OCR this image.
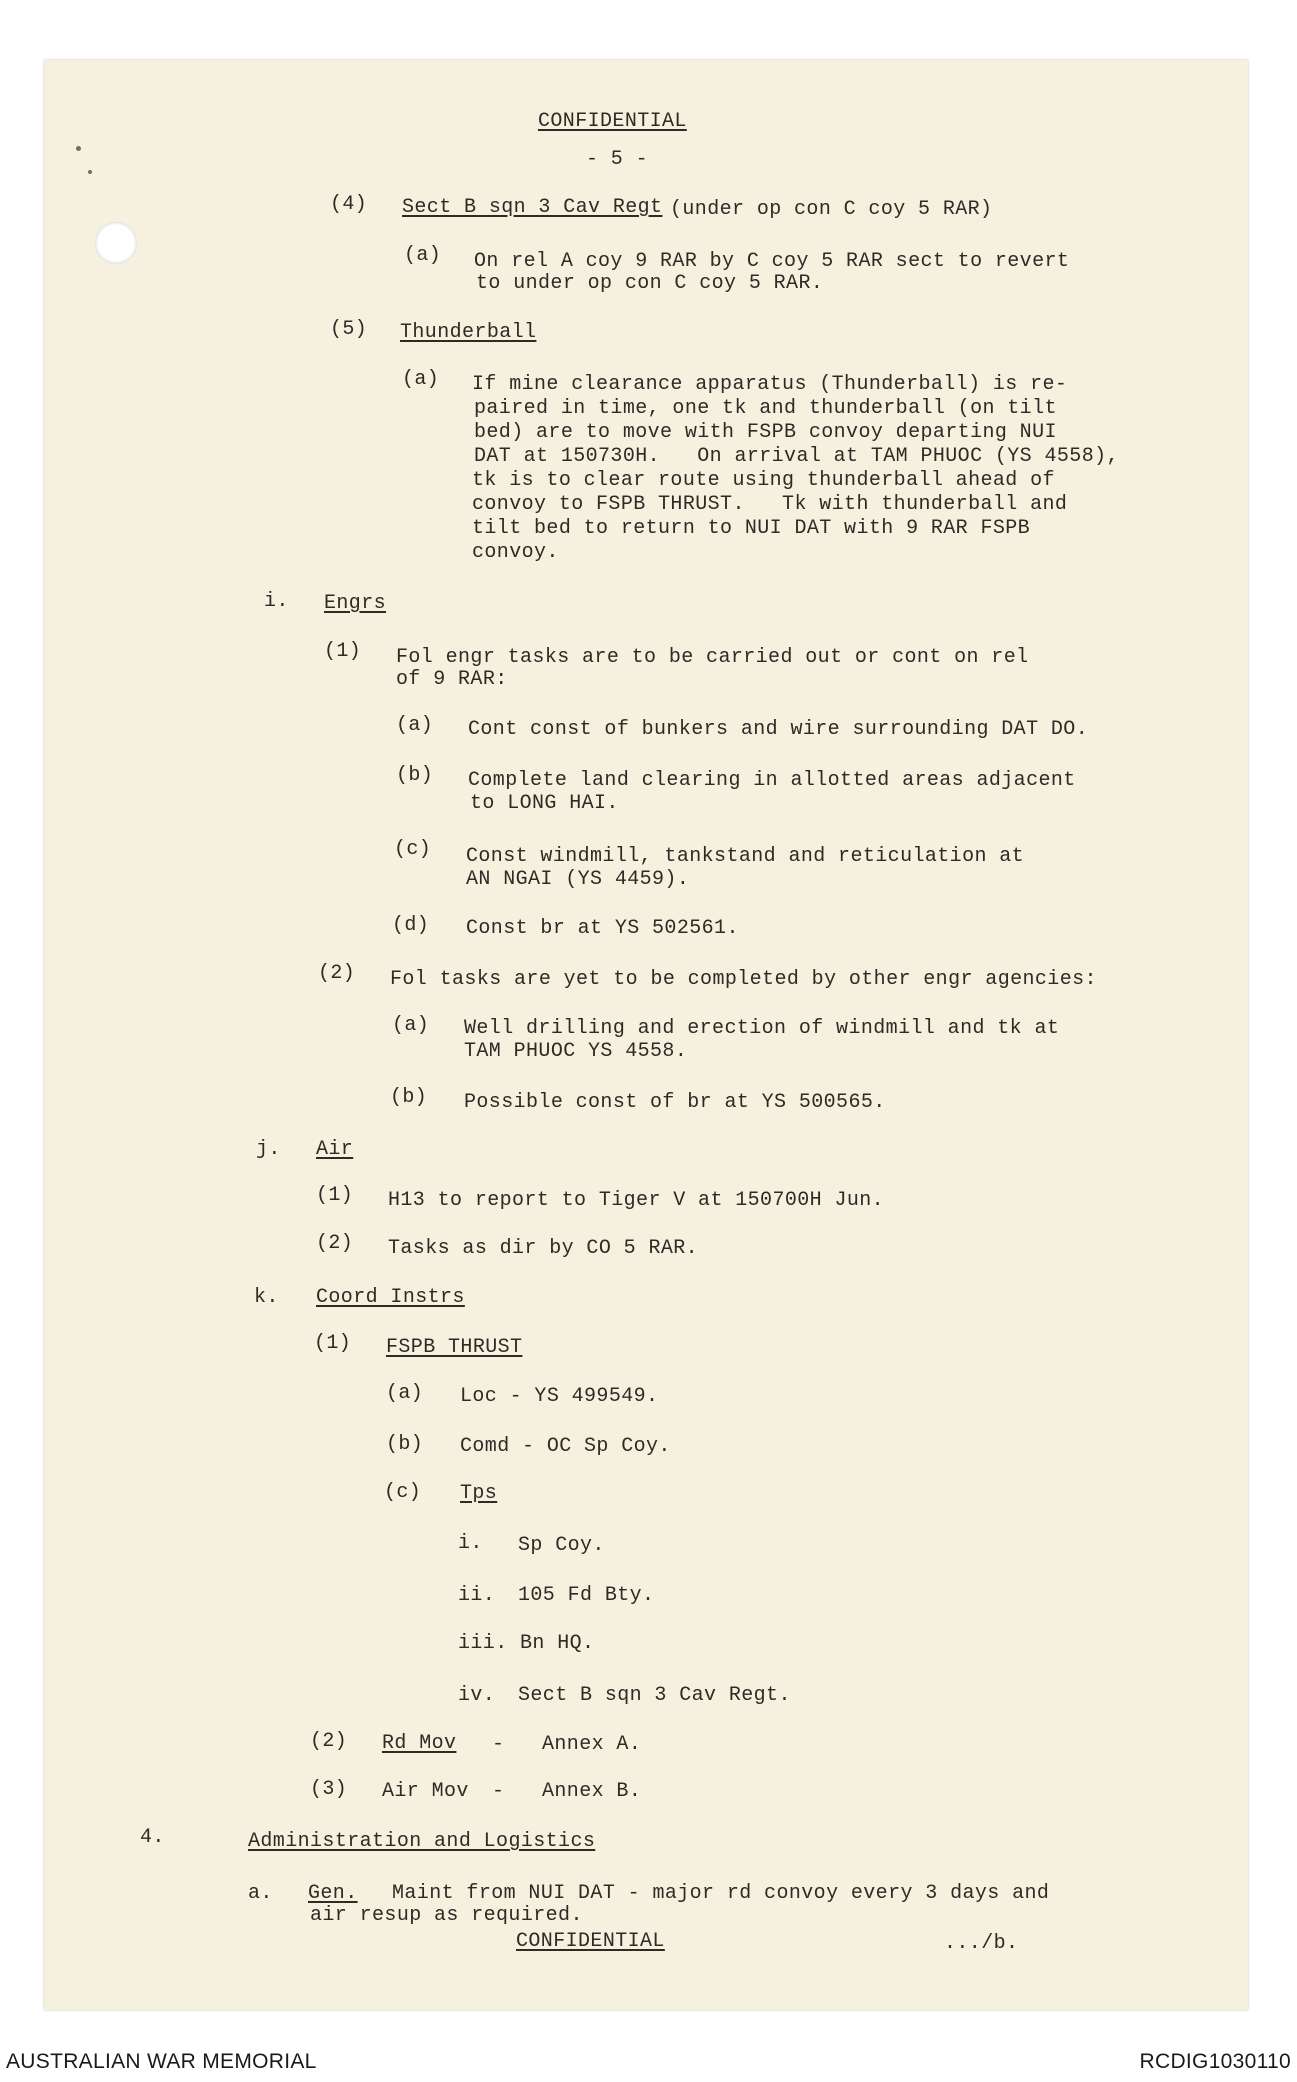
CONFIDENTIAL
- 5 -
(4) Sect B sqn 3 Cav Regt (under op con C coy 5 RAR)
(a) On rel A coy 9 RAR by C coy 5 RAR sect to revert
to under op con C coy 5 RAR.
(5) Thunderball
(a) If mine clearance apparatus (Thunderball) is re-
paired in time, one tk and thunderball (on tilt
bed) are to move with FSPB convoy departing NUI
DAT at 150730H.   On arrival at TAM PHUOC (YS 4558),
tk is to clear route using thunderball ahead of
convoy to FSPB THRUST.   Tk with thunderball and
tilt bed to return to NUI DAT with 9 RAR FSPB
convoy.
i. Engrs
(1) Fol engr tasks are to be carried out or cont on rel
of 9 RAR:
(a) Cont const of bunkers and wire surrounding DAT DO.
(b) Complete land clearing in allotted areas adjacent
to LONG HAI.
(c) Const windmill, tankstand and reticulation at
AN NGAI (YS 4459).
(d) Const br at YS 502561.
(2) Fol tasks are yet to be completed by other engr agencies:
(a) Well drilling and erection of windmill and tk at
TAM PHUOC YS 4558.
(b) Possible const of br at YS 500565.
j. Air
(1) H13 to report to Tiger V at 150700H Jun.
(2) Tasks as dir by CO 5 RAR.
k. Coord Instrs
(1) FSPB THRUST
(a) Loc - YS 499549.
(b) Comd - OC Sp Coy.
(c) Tps
i. Sp Coy.
ii. 105 Fd Bty.
iii. Bn HQ.
iv. Sect B sqn 3 Cav Regt.
(2) Rd Mov - Annex A.
(3) Air Mov - Annex B.
4.	Administration and Logistics
a. Gen. Maint from NUI DAT - major rd convoy every 3 days and
air resup as required.
CONFIDENTIAL	.../b.
AUSTRALIAN WAR MEMORIAL	RCDIG1030110
